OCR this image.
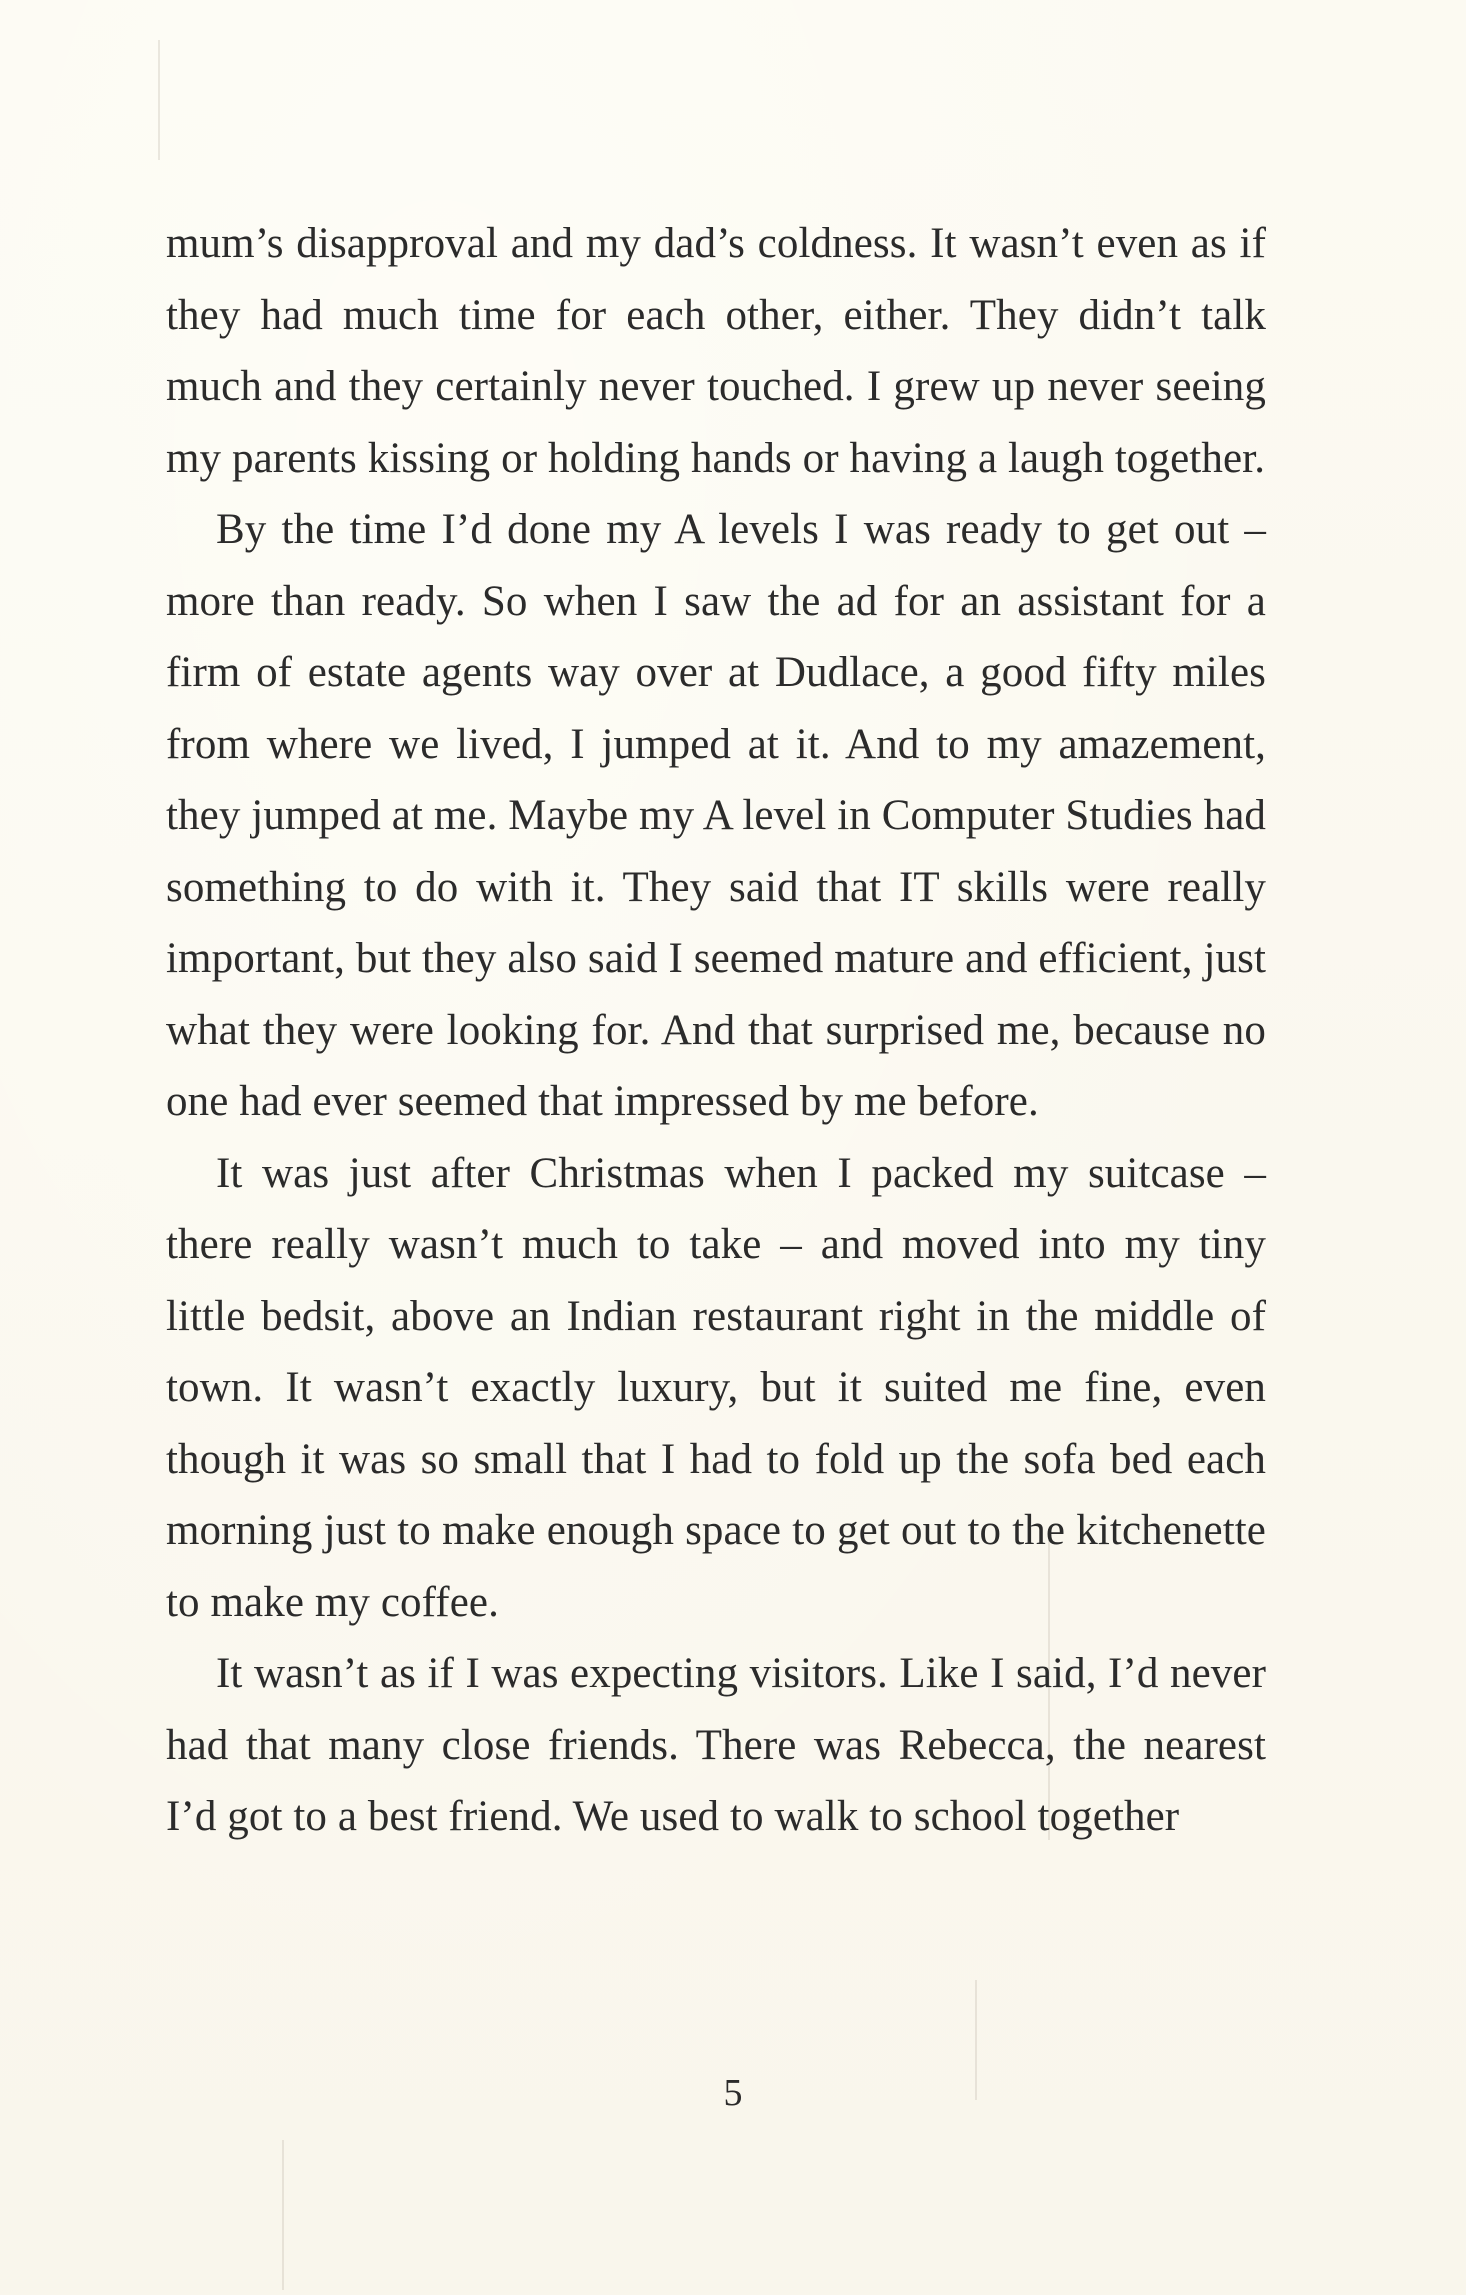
mum’s disapproval and my dad’s coldness. It wasn’t even as if they had much time for each other, either. They didn’t talk much and they certainly never touched. I grew up never seeing my parents kissing or holding hands or having a laugh together.

By the time I’d done my A levels I was ready to get out – more than ready. So when I saw the ad for an assistant for a firm of estate agents way over at Dudlace, a good fifty miles from where we lived, I jumped at it. And to my amazement, they jumped at me. Maybe my A level in Computer Studies had something to do with it. They said that IT skills were really important, but they also said I seemed mature and efficient, just what they were looking for. And that surprised me, because no one had ever seemed that impressed by me before.

It was just after Christmas when I packed my suitcase – there really wasn’t much to take – and moved into my tiny little bedsit, above an Indian restaurant right in the middle of town. It wasn’t exactly luxury, but it suited me fine, even though it was so small that I had to fold up the sofa bed each morning just to make enough space to get out to the kitchenette to make my coffee.

It wasn’t as if I was expecting visitors. Like I said, I’d never had that many close friends. There was Rebecca, the nearest I’d got to a best friend. We used to walk to school together

5
